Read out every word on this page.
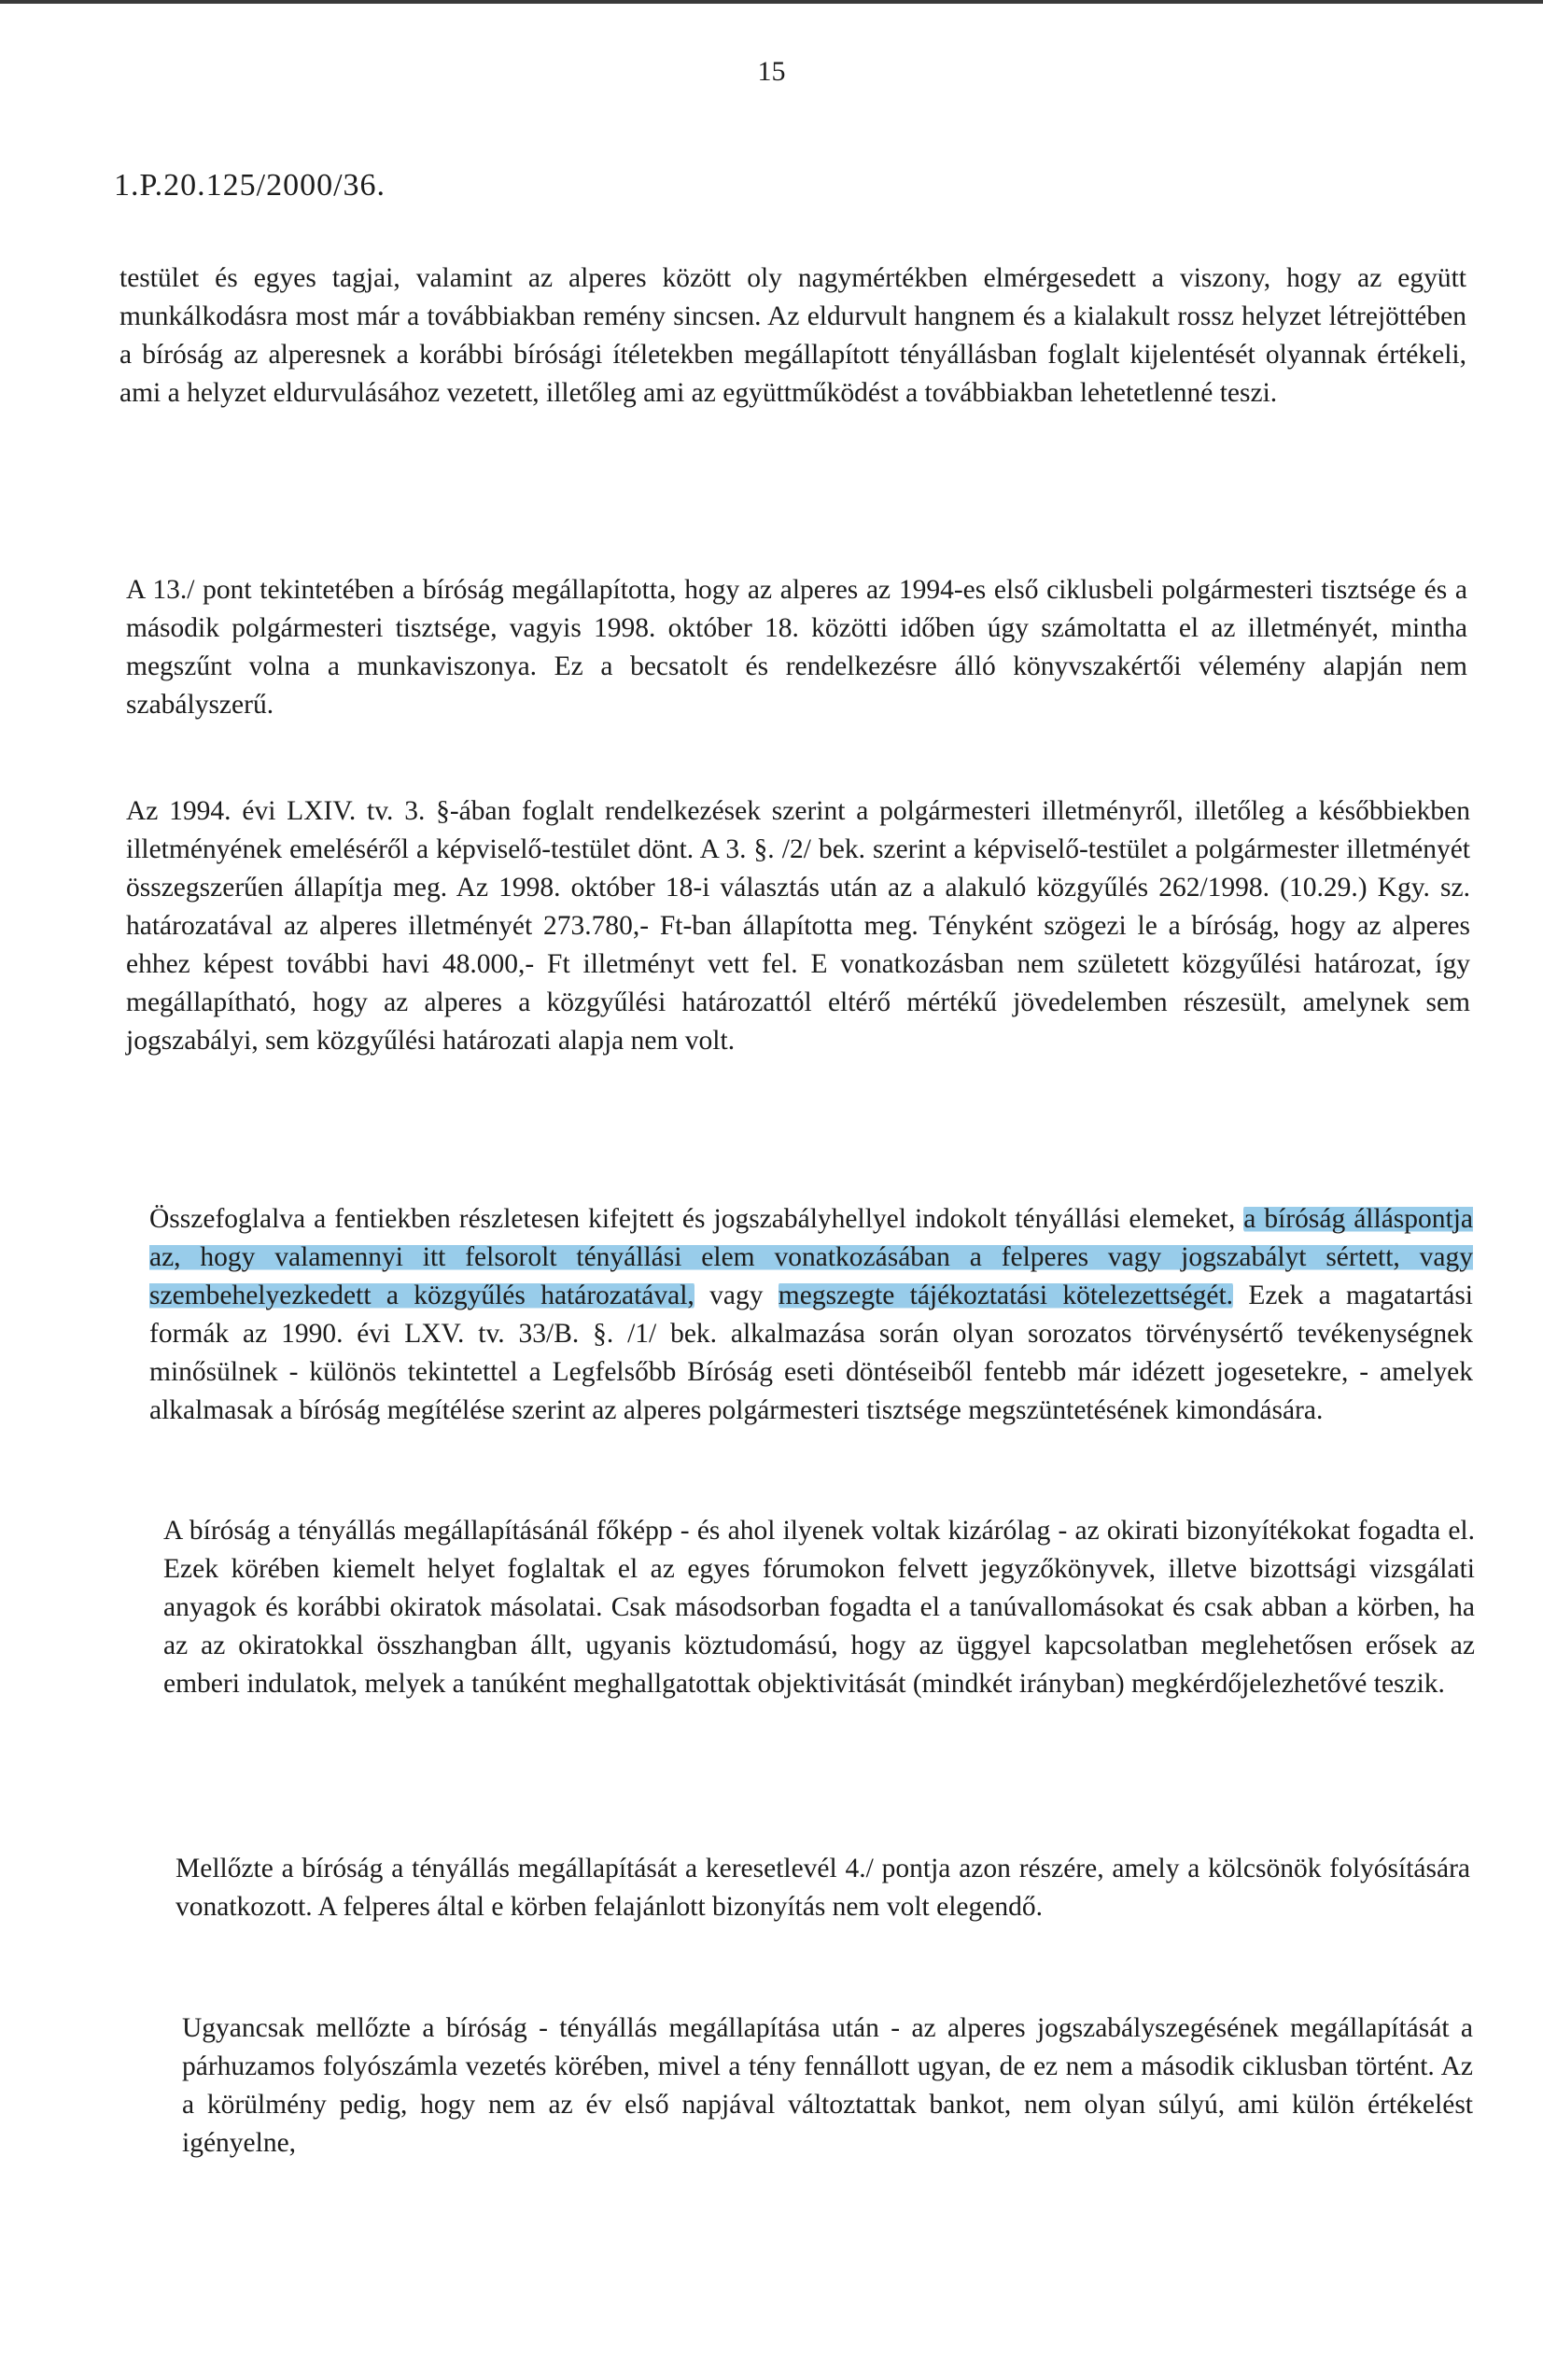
15
1.P.20.125/2000/36.

testület és egyes tagjai, valamint az alperes között oly nagymértékben elmérgesedett a viszony, hogy az együtt munkálkodásra most már a továbbiakban remény sincsen. Az eldurvult hangnem és a kialakult rossz helyzet létrejöttében a bíróság az alperesnek a korábbi bírósági ítéletekben megállapított tényállásban foglalt kijelentését olyannak értékeli, ami a helyzet eldurvulásához vezetett, illetőleg ami az együttműködést a továbbiakban lehetetlenné teszi.

A 13./ pont tekintetében a bíróság megállapította, hogy az alperes az 1994-es első ciklusbeli polgármesteri tisztsége és a második polgármesteri tisztsége, vagyis 1998. október 18. közötti időben úgy számoltatta el az illetményét, mintha megszűnt volna a munkaviszonya. Ez a becsatolt és rendelkezésre álló könyvszakértői vélemény alapján nem szabályszerű.

Az 1994. évi LXIV. tv. 3. §-ában foglalt rendelkezések szerint a polgármesteri illetményről, illetőleg a későbbiekben illetményének emeléséről a képviselő-testület dönt. A 3. §. /2/ bek. szerint a képviselő-testület a polgármester illetményét összegszerűen állapítja meg. Az 1998. október 18-i választás után az a alakuló közgyűlés 262/1998. (10.29.) Kgy. sz. határozatával az alperes illetményét 273.780,- Ft-ban állapította meg. Tényként szögezi le a bíróság, hogy az alperes ehhez képest további havi 48.000,- Ft illetményt vett fel. E vonatkozásban nem született közgyűlési határozat, így megállapítható, hogy az alperes a közgyűlési határozattól eltérő mértékű jövedelemben részesült, amelynek sem jogszabályi, sem közgyűlési határozati alapja nem volt.

Összefoglalva a fentiekben részletesen kifejtett és jogszabályhellyel indokolt tényállási elemeket, a bíróság álláspontja az, hogy valamennyi itt felsorolt tényállási elem vonatkozásában a felperes vagy jogszabályt sértett, vagy szembehelyezkedett a közgyűlés határozatával, vagy megszegte tájékoztatási kötelezettségét. Ezek a magatartási formák az 1990. évi LXV. tv. 33/B. §. /1/ bek. alkalmazása során olyan sorozatos törvénysértő tevékenységnek minősülnek - különös tekintettel a Legfelsőbb Bíróság eseti döntéseiből fentebb már idézett jogesetekre, - amelyek alkalmasak a bíróság megítélése szerint az alperes polgármesteri tisztsége megszüntetésének kimondására.

A bíróság a tényállás megállapításánál főképp - és ahol ilyenek voltak kizárólag - az okirati bizonyítékokat fogadta el. Ezek körében kiemelt helyet foglaltak el az egyes fórumokon felvett jegyzőkönyvek, illetve bizottsági vizsgálati anyagok és korábbi okiratok másolatai. Csak másodsorban fogadta el a tanúvallomásokat és csak abban a körben, ha az az okiratokkal összhangban állt, ugyanis köztudomású, hogy az üggyel kapcsolatban meglehetősen erősek az emberi indulatok, melyek a tanúként meghallgatottak objektivitását (mindkét irányban) megkérdőjelezhetővé teszik.

Mellőzte a bíróság a tényállás megállapítását a keresetlevél 4./ pontja azon részére, amely a kölcsönök folyósítására vonatkozott. A felperes által e körben felajánlott bizonyítás nem volt elegendő.

Ugyancsak mellőzte a bíróság - tényállás megállapítása után - az alperes jogszabályszegésének megállapítását a párhuzamos folyószámla vezetés körében, mivel a tény fennállott ugyan, de ez nem a második ciklusban történt. Az a körülmény pedig, hogy nem az év első napjával változtattak bankot, nem olyan súlyú, ami külön értékelést igényelne,
